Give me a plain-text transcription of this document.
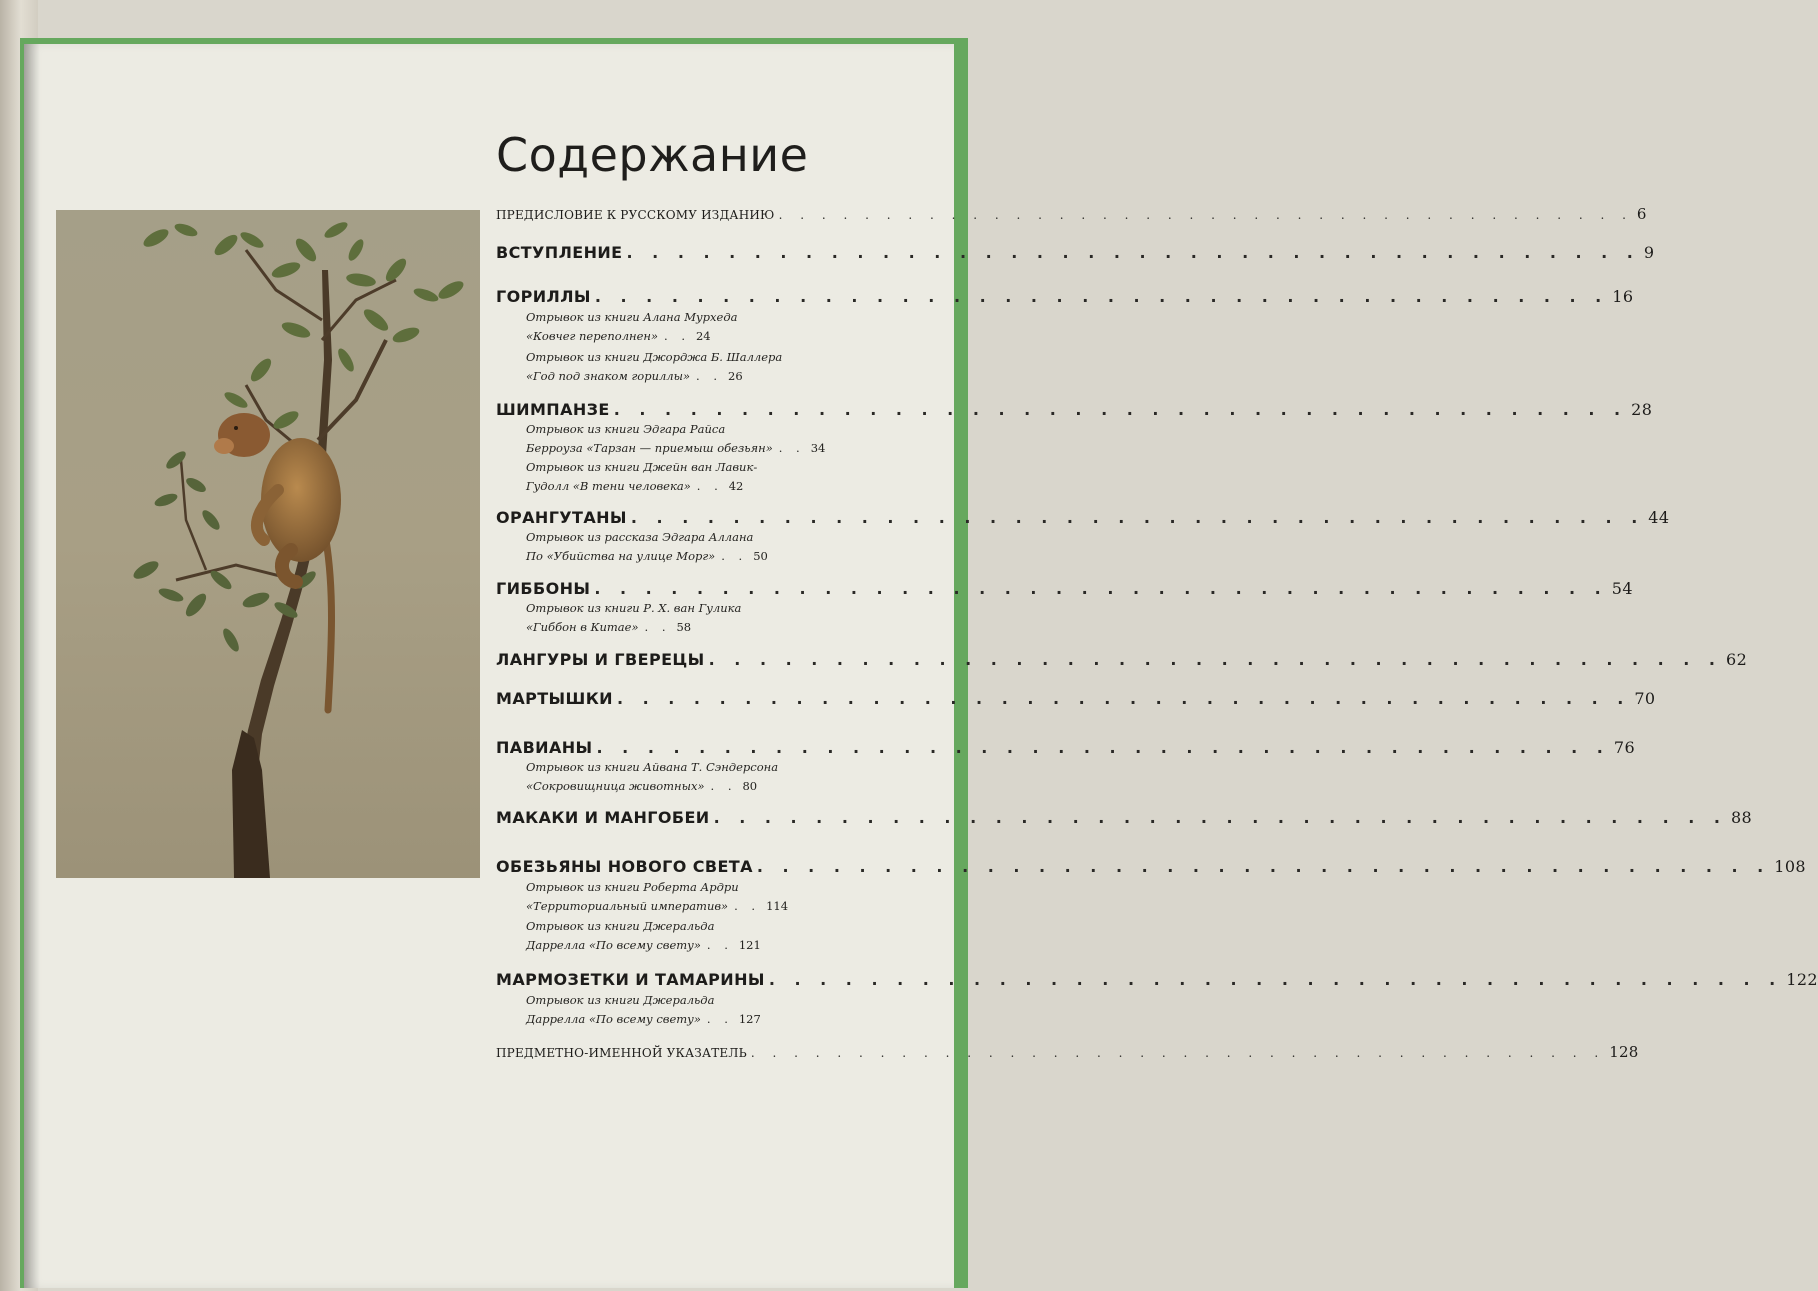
Содержание
ПРЕДИСЛОВИЕ К РУССКОМУ ИЗДАНИЮ . . . . . . . . . . . . . . . . . . . . . . . . . . . . . . . . . . . . . . . . 6
ВСТУПЛЕНИЕ . . . . . . . . . . . . . . . . . . . . . . . . . . . . . . . . . . . . . . . . 9
ГОРИЛЛЫ . . . . . . . . . . . . . . . . . . . . . . . . . . . . . . . . . . . . . . . . 16
Отрывок из книги Алана Мурхеда
«Ковчег переполнен» . . 24
Отрывок из книги Джорджа Б. Шаллера
«Год под знаком гориллы» . . 26
ШИМПАНЗЕ . . . . . . . . . . . . . . . . . . . . . . . . . . . . . . . . . . . . . . . . 28
Отрывок из книги Эдгара Райса
Берроуза «Тарзан — приемыш обезьян» . . 34
Отрывок из книги Джейн ван Лавик-
Гудолл «В тени человека» . . 42
ОРАНГУТАНЫ . . . . . . . . . . . . . . . . . . . . . . . . . . . . . . . . . . . . . . . . 44
Отрывок из рассказа Эдгара Аллана
По «Убийства на улице Морг» . . 50
ГИББОНЫ . . . . . . . . . . . . . . . . . . . . . . . . . . . . . . . . . . . . . . . . 54
Отрывок из книги Р. Х. ван Гулика
«Гиббон в Китае» . . 58
ЛАНГУРЫ И ГВЕРЕЦЫ . . . . . . . . . . . . . . . . . . . . . . . . . . . . . . . . . . . . . . . . 62
МАРТЫШКИ . . . . . . . . . . . . . . . . . . . . . . . . . . . . . . . . . . . . . . . . 70
ПАВИАНЫ . . . . . . . . . . . . . . . . . . . . . . . . . . . . . . . . . . . . . . . . 76
Отрывок из книги Айвана Т. Сэндерсона
«Сокровищница животных» . . 80
МАКАКИ И МАНГОБЕИ . . . . . . . . . . . . . . . . . . . . . . . . . . . . . . . . . . . . . . . . 88
ОБЕЗЬЯНЫ НОВОГО СВЕТА . . . . . . . . . . . . . . . . . . . . . . . . . . . . . . . . . . . . . . . . 108
Отрывок из книги Роберта Ардри
«Территориальный императив» . . 114
Отрывок из книги Джеральда
Даррелла «По всему свету» . . 121
МАРМОЗЕТКИ И ТАМАРИНЫ . . . . . . . . . . . . . . . . . . . . . . . . . . . . . . . . . . . . . . . . 122
Отрывок из книги Джеральда
Даррелла «По всему свету» . . 127
ПРЕДМЕТНО-ИМЕННОЙ УКАЗАТЕЛЬ . . . . . . . . . . . . . . . . . . . . . . . . . . . . . . . . . . . . . . . . 128
